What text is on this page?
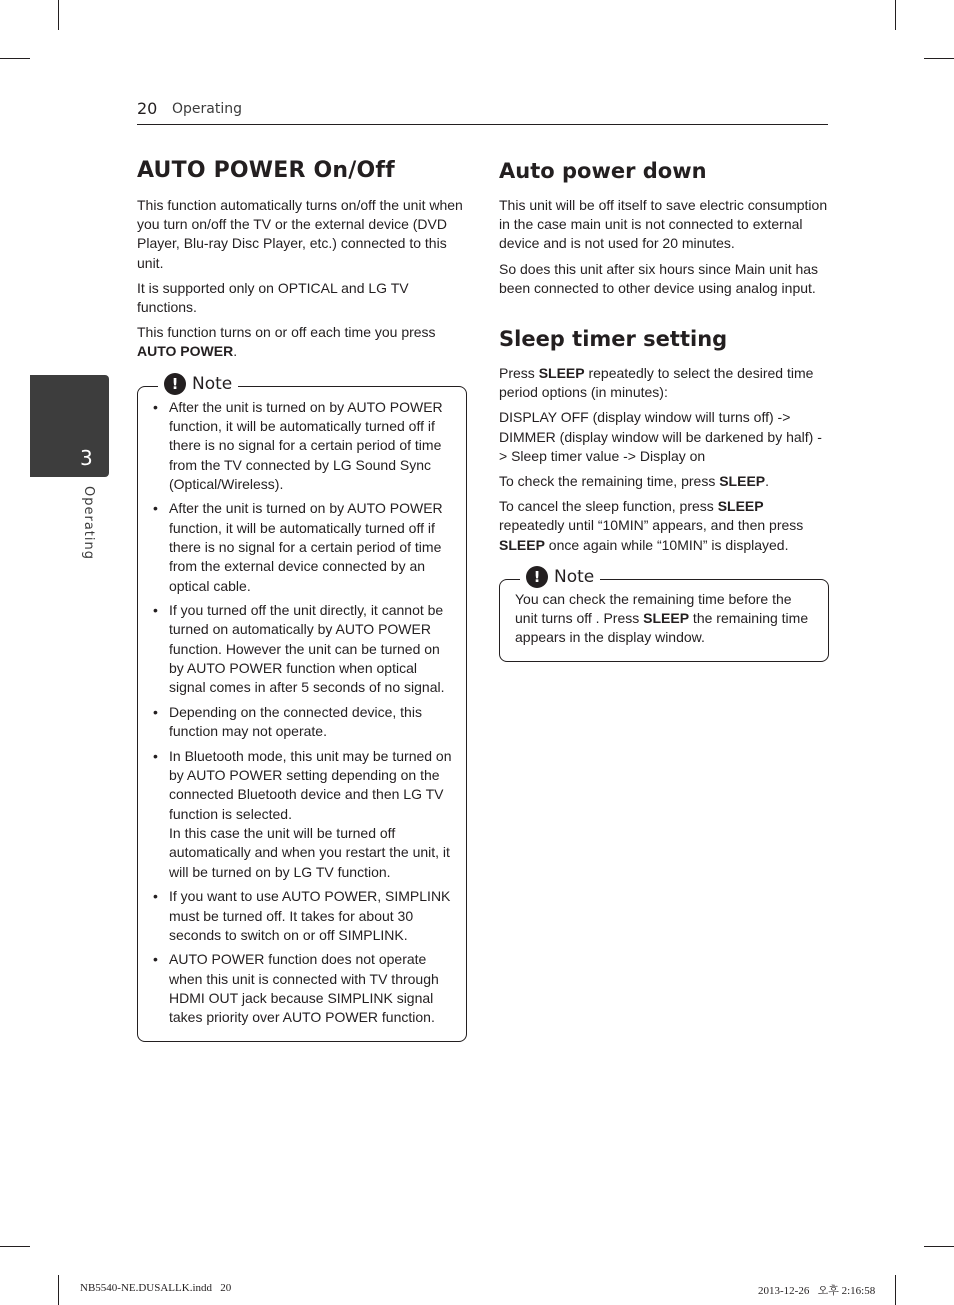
20 Operating
3
Operating
AUTO POWER On/Off

This function automatically turns on/off the unit when you turn on/off the TV or the external device (DVD Player, Blu-ray Disc Player, etc.) connected to this unit.

It is supported only on OPTICAL and LG TV functions.

This function turns on or off each time you press AUTO POWER.

! Note
• After the unit is turned on by AUTO POWER function, it will be automatically turned off if there is no signal for a certain period of time from the TV connected by LG Sound Sync (Optical/Wireless).
• After the unit is turned on by AUTO POWER function, it will be automatically turned off if there is no signal for a certain period of time from the external device connected by an optical cable.
• If you turned off the unit directly, it cannot be turned on automatically by AUTO POWER function. However the unit can be turned on by AUTO POWER function when optical signal comes in after 5 seconds of no signal.
• Depending on the connected device, this function may not operate.
• In Bluetooth mode, this unit may be turned on by AUTO POWER setting depending on the connected Bluetooth device and then LG TV function is selected.
In this case the unit will be turned off automatically and when you restart the unit, it will be turned on by LG TV function.
• If you want to use AUTO POWER, SIMPLINK must be turned off. It takes for about 30 seconds to switch on or off SIMPLINK.
• AUTO POWER function does not operate when this unit is connected with TV through HDMI OUT jack because SIMPLINK signal takes priority over AUTO POWER function.
Auto power down

This unit will be off itself to save electric consumption in the case main unit is not connected to external device and is not used for 20 minutes.

So does this unit after six hours since Main unit has been connected to other device using analog input.

Sleep timer setting

Press SLEEP repeatedly to select the desired time period options (in minutes):

DISPLAY OFF (display window will turns off) -> DIMMER (display window will be darkened by half) -> Sleep timer value -> Display on

To check the remaining time, press SLEEP.

To cancel the sleep function, press SLEEP repeatedly until “10MIN” appears, and then press SLEEP once again while “10MIN” is displayed.

! Note

You can check the remaining time before the unit turns off . Press SLEEP the remaining time appears in the display window.

NB5540-NE.DUSALLK.indd   20	2013-12-26   오후 2:16:58
